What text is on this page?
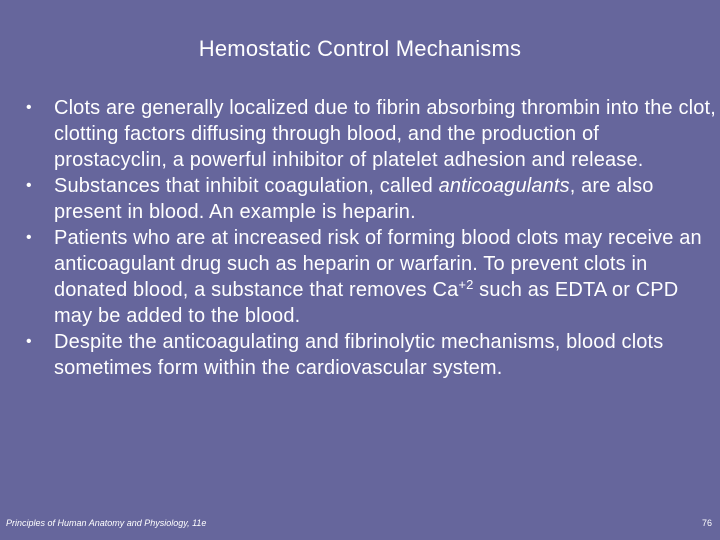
Hemostatic Control Mechanisms
• Clots are generally localized due to fibrin absorbing thrombin into the clot, clotting factors diffusing through blood, and the production of prostacyclin, a powerful inhibitor of platelet adhesion and release.
• Substances that inhibit coagulation, called anticoagulants, are also present in blood. An example is heparin.
• Patients who are at increased risk of forming blood clots may receive an anticoagulant drug such as heparin or warfarin. To prevent clots in donated blood, a substance that removes $Ca^{+2}$ such as EDTA or CPD may be added to the blood.
• Despite the anticoagulating and fibrinolytic mechanisms, blood clots sometimes form within the cardiovascular system.
Principles of Human Anatomy and Physiology, 11e	76
